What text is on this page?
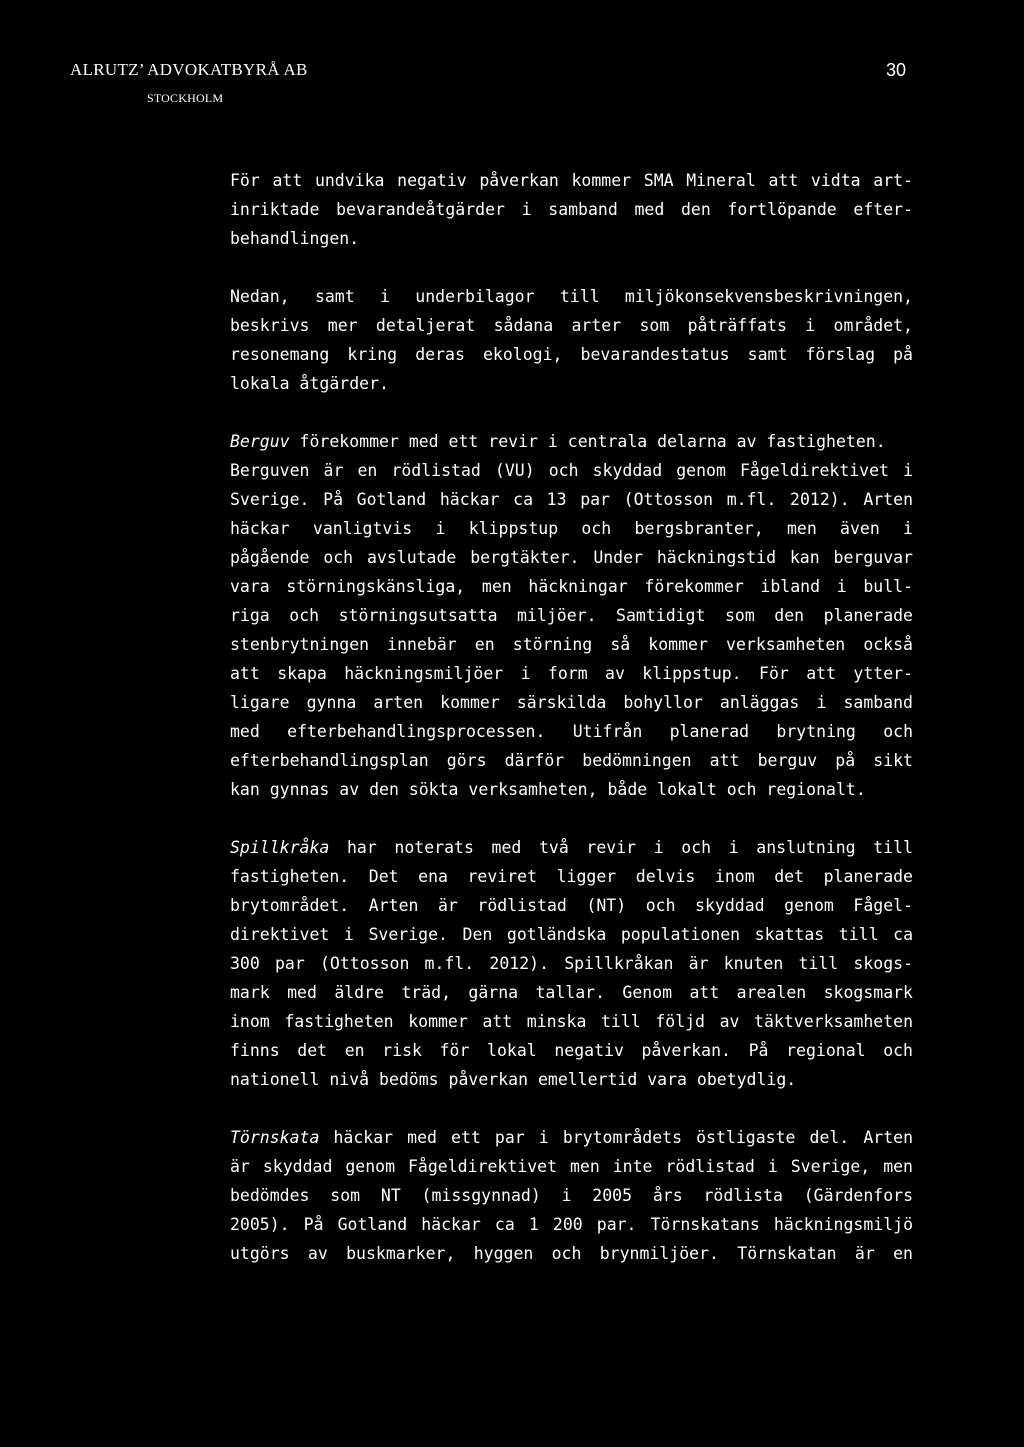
ALRUTZ’ ADVOKATBYRÅ AB
STOCKHOLM
30
För att undvika negativ påverkan kommer SMA Mineral att vidta art-
inriktade bevarandeåtgärder i samband med den fortlöpande efter-
behandlingen.
Nedan, samt i underbilagor till miljökonsekvensbeskrivningen,
beskrivs mer detaljerat sådana arter som påträffats i området,
resonemang kring deras ekologi, bevarandestatus samt förslag på
lokala åtgärder.
Berguv förekommer med ett revir i centrala delarna av fastigheten.
Berguven är en rödlistad (VU) och skyddad genom Fågeldirektivet i
Sverige. På Gotland häckar ca 13 par (Ottosson m.fl. 2012). Arten
häckar vanligtvis i klippstup och bergsbranter, men även i
pågående och avslutade bergtäkter. Under häckningstid kan berguvar
vara störningskänsliga, men häckningar förekommer ibland i bull-
riga och störningsutsatta miljöer. Samtidigt som den planerade
stenbrytningen innebär en störning så kommer verksamheten också
att skapa häckningsmiljöer i form av klippstup. För att ytter-
ligare gynna arten kommer särskilda bohyllor anläggas i samband
med efterbehandlingsprocessen. Utifrån planerad brytning och
efterbehandlingsplan görs därför bedömningen att berguv på sikt
kan gynnas av den sökta verksamheten, både lokalt och regionalt.
Spillkråka har noterats med två revir i och i anslutning till
fastigheten. Det ena reviret ligger delvis inom det planerade
brytområdet. Arten är rödlistad (NT) och skyddad genom Fågel-
direktivet i Sverige. Den gotländska populationen skattas till ca
300 par (Ottosson m.fl. 2012). Spillkråkan är knuten till skogs-
mark med äldre träd, gärna tallar. Genom att arealen skogsmark
inom fastigheten kommer att minska till följd av täktverksamheten
finns det en risk för lokal negativ påverkan. På regional och
nationell nivå bedöms påverkan emellertid vara obetydlig.
Törnskata häckar med ett par i brytområdets östligaste del. Arten
är skyddad genom Fågeldirektivet men inte rödlistad i Sverige, men
bedömdes som NT (missgynnad) i 2005 års rödlista (Gärdenfors
2005). På Gotland häckar ca 1 200 par. Törnskatans häckningsmiljö
utgörs av buskmarker, hyggen och brynmiljöer. Törnskatan är en
